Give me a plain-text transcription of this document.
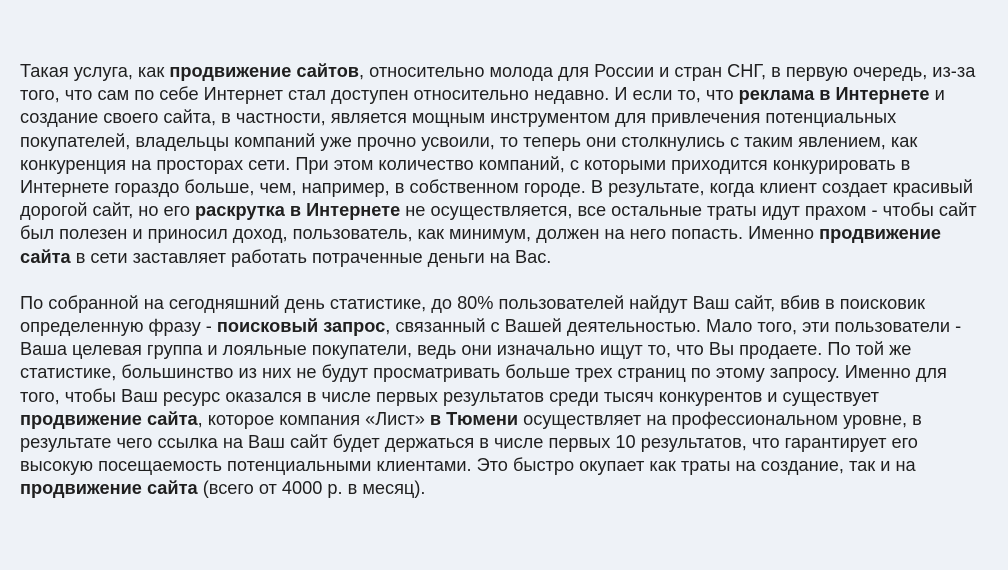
Такая услуга, как продвижение сайтов, относительно молода для России и стран СНГ, в первую очередь, из-за того, что сам по себе Интернет стал доступен относительно недавно. И если то, что реклама в Интернете и создание своего сайта, в частности, является мощным инструментом для привлечения потенциальных покупателей, владельцы компаний уже прочно усвоили, то теперь они столкнулись с таким явлением, как конкуренция на просторах сети. При этом количество компаний, с которыми приходится конкурировать в Интернете гораздо больше, чем, например, в собственном городе. В результате, когда клиент создает красивый дорогой сайт, но его раскрутка в Интернете не осуществляется, все остальные траты идут прахом - чтобы сайт был полезен и приносил доход, пользователь, как минимум, должен на него попасть. Именно продвижение сайта в сети заставляет работать потраченные деньги на Вас.

По собранной на сегодняшний день статистике, до 80% пользователей найдут Ваш сайт, вбив в поисковик определенную фразу - поисковый запрос, связанный с Вашей деятельностью. Мало того, эти пользователи - Ваша целевая группа и лояльные покупатели, ведь они изначально ищут то, что Вы продаете. По той же статистике, большинство из них не будут просматривать больше трех страниц по этому запросу. Именно для того, чтобы Ваш ресурс оказался в числе первых результатов среди тысяч конкурентов и существует продвижение сайта, которое компания «Лист» в Тюмени осуществляет на профессиональном уровне, в результате чего ссылка на Ваш сайт будет держаться в числе первых 10 результатов, что гарантирует его высокую посещаемость потенциальными клиентами. Это быстро окупает как траты на создание, так и на продвижение сайта (всего от 4000 р. в месяц).
